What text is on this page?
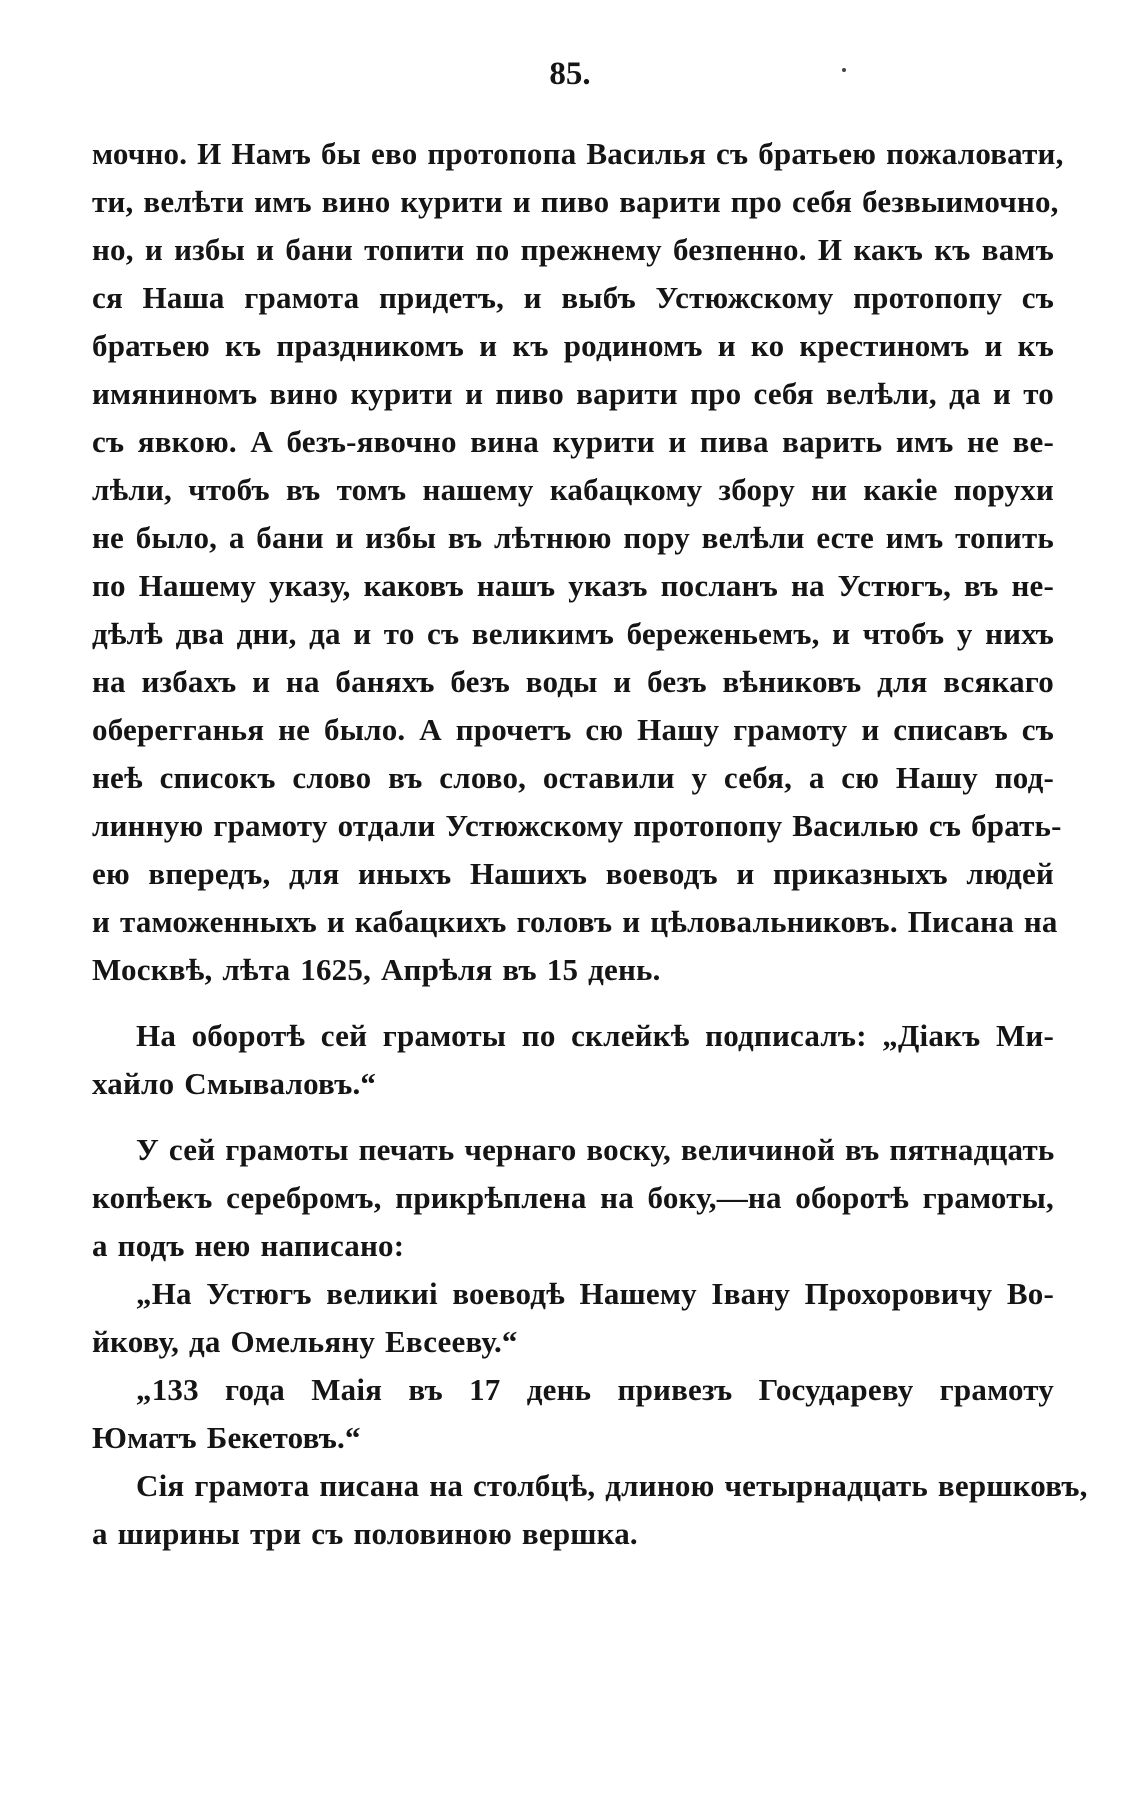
85.
мочно. И Намъ бы ево протопопа Василья съ братьею пожаловати,
ти, велѣти имъ вино курити и пиво варити про себя безвыимочно,
но, и избы и бани топити по прежнему безпенно. И какъ къ вамъ
ся Наша грамота придетъ, и выбъ Устюжскому протопопу съ
братьею къ праздникомъ и къ родиномъ и ко крестиномъ и къ
имяниномъ вино курити и пиво варити про себя велѣли, да и то
съ явкою. А безъ-явочно вина курити и пива варить имъ не ве-
лѣли, чтобъ въ томъ нашему кабацкому збору ни какіе порухи
не было, а бани и избы въ лѣтнюю пору велѣли есте имъ топить
по Нашему указу, каковъ нашъ указъ посланъ на Устюгъ, въ не-
дѣлѣ два дни, да и то съ великимъ береженьемъ, и чтобъ у нихъ
на избахъ и на баняхъ безъ воды и безъ вѣниковъ для всякаго
оберегганья не было. А прочетъ сю Нашу грамоту и списавъ съ
неѣ списокъ слово въ слово, оставили у себя, а сю Нашу под-
линную грамоту отдали Устюжскому протопопу Василью съ брать-
ею впередъ, для иныхъ Нашихъ воеводъ и приказныхъ людей
и таможенныхъ и кабацкихъ головъ и цѣловальниковъ. Писана на
Москвѣ, лѣта 1625, Апрѣля въ 15 день.
На оборотѣ сей грамоты по склейкѣ подписалъ: „Діакъ Ми-
хайло Смываловъ.“
У сей грамоты печать чернаго воску, величиной въ пятнадцать
копѣекъ серебромъ, прикрѣплена на боку,—на оборотѣ грамоты,
а подъ нею написано:
„На Устюгъ великиі воеводѣ Нашему Івану Прохоровичу Во-
йкову, да Омельяну Евсееву.“
„133 года Маія въ 17 день привезъ Государеву грамоту
Юматъ Бекетовъ.“
Сія грамота писана на столбцѣ, длиною четырнадцать вершковъ,
а ширины три съ половиною вершка.
